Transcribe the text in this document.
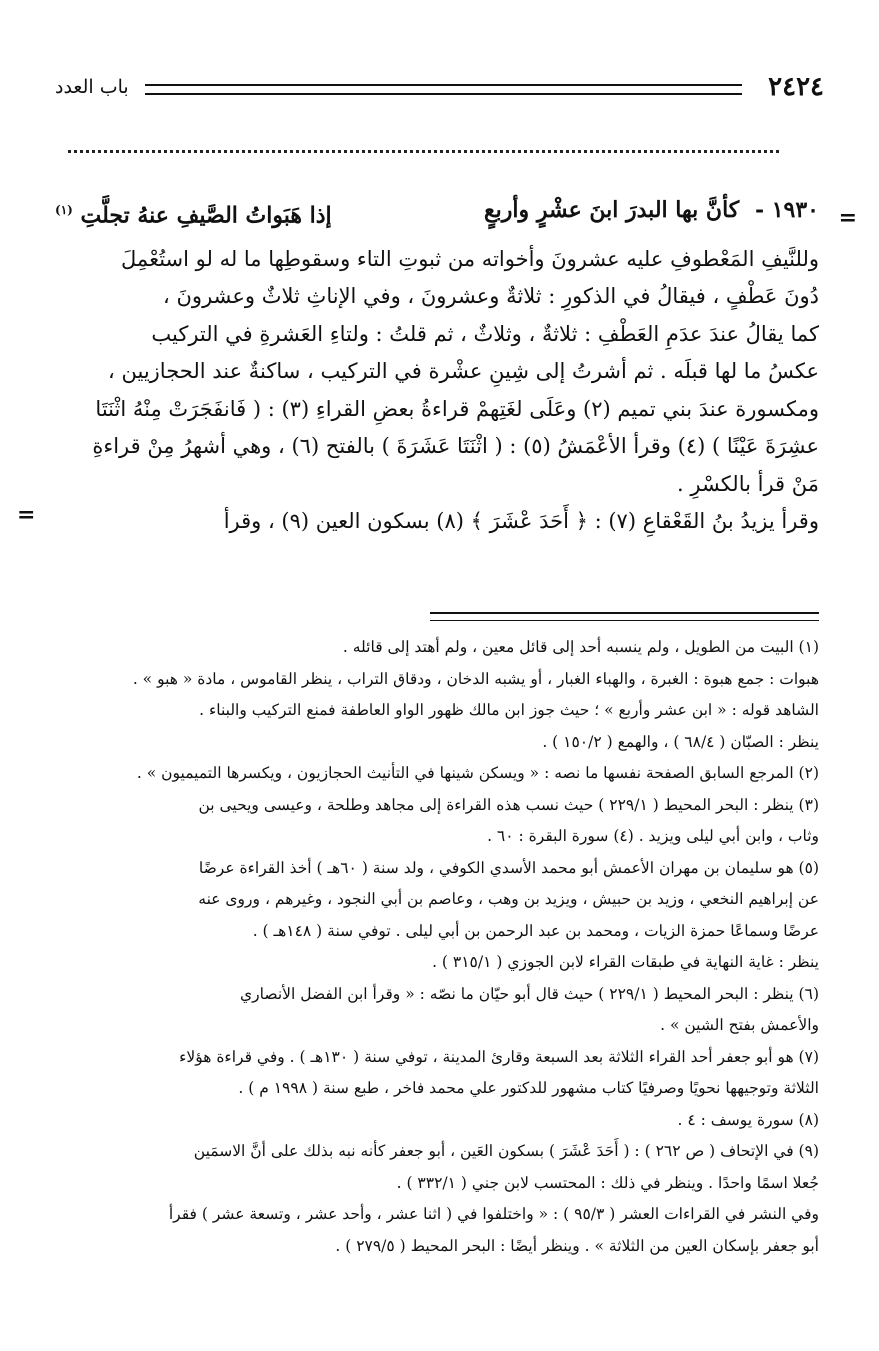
٢٤٢٤
باب العدد
=
١٩٣٠ - كأنَّ بها البدرَ ابنَ عشْرٍ وأربعٍ
إذا هَبَواتُ الصَّيفِ عنهُ تجلَّتِ $^{(١)}$

وللنَّيفِ المَعْطوفِ عليه عشرونَ وأخواته من ثبوتِ التاء وسقوطِها ما له لو استُعْمِلَ

دُونَ عَطْفٍ ، فيقالُ في الذكورِ : ثلاثةٌ وعشرونَ ، وفي الإناثِ ثلاثٌ وعشرونَ ،

كما يقالُ عندَ عدَمِ العَطْفِ : ثلاثةٌ ، وثلاثٌ ، ثم قلتُ : ولتاءِ العَشرةِ في التركيب

عكسُ ما لها قبلَه . ثم أشرتُ إلى شِينِ عشْرة في التركيب ، ساكنةٌ عند الحجازيين ،

ومكسورة عندَ بني تميم (٢) وعَلَى لغَتِهمْ قراءةُ بعضِ القراءِ (٣) : ( فَانفَجَرَتْ مِنْهُ اثْنَتَا

عشِرَةَ عَيْنًا ) (٤) وقرأ الأعْمَشُ (٥) : ( اثْنَتَا عَشَرَةَ ) بالفتح (٦) ، وهي أشهرُ مِنْ قراءةِ

مَنْ قرأ بالكسْرِ .

وقرأ يزيدُ بنُ القَعْقاعِ (٧) : ﴿ أَحَدَ عْشَرَ ﴾ (٨) بسكون العين (٩) ، وقرأ
=

(١) البيت من الطويل ، ولم ينسبه أحد إلى قائل معين ، ولم أهتد إلى قائله .

هبوات : جمع هبوة : الغبرة ، والهباء الغبار ، أو يشبه الدخان ، ودقاق التراب ، ينظر القاموس ، مادة « هبو » .

الشاهد قوله : « ابن عشر وأربع » ؛ حيث جوز ابن مالك ظهور الواو العاطفة فمنع التركيب والبناء .

ينظر : الصبّان ( ٦٨/٤ ) ، والهمع ( ١٥٠/٢ ) .

(٢) المرجع السابق الصفحة نفسها ما نصه : « ويسكن شينها في التأنيث الحجازيون ، ويكسرها التميميون » .

(٣) ينظر : البحر المحيط ( ٢٢٩/١ ) حيث نسب هذه القراءة إلى مجاهد وطلحة ، وعيسى ويحيى بن

وثاب ، وابن أبي ليلى ويزيد . (٤) سورة البقرة : ٦٠ .

(٥) هو سليمان بن مهران الأعمش أبو محمد الأسدي الكوفي ، ولد سنة ( ٦٠هـ ) أخذ القراءة عرضًا

عن إبراهيم النخعي ، وزيد بن حبيش ، ويزيد بن وهب ، وعاصم بن أبي النجود ، وغيرهم ، وروى عنه

عرضًا وسماعًا حمزة الزيات ، ومحمد بن عبد الرحمن بن أبي ليلى . توفي سنة ( ١٤٨هـ ) .

ينظر : غاية النهاية في طبقات القراء لابن الجوزي ( ٣١٥/١ ) .

(٦) ينظر : البحر المحيط ( ٢٢٩/١ ) حيث قال أبو حيّان ما نصّه : « وقرأ ابن الفضل الأنصاري

والأعمش بفتح الشين » .

(٧) هو أبو جعفر أحد القراء الثلاثة بعد السبعة وقارئ المدينة ، توفي سنة ( ١٣٠هـ ) . وفي قراءة هؤلاء

الثلاثة وتوجيهها نحويًا وصرفيًا كتاب مشهور للدكتور علي محمد فاخر ، طبع سنة ( ١٩٩٨ م ) .

(٨) سورة يوسف : ٤ .

(٩) في الإتحاف ( ص ٢٦٢ ) : ( أَحَدَ عْشَرَ ) بسكون العَين ، أبو جعفر كأنه نبه بذلك على أنَّ الاسمَين

جُعلا اسمًا واحدًا . وينظر في ذلك : المحتسب لابن جني ( ٣٣٢/١ ) .

وفي النشر في القراءات العشر ( ٩٥/٣ ) : « واختلفوا في ( اثنا عشر ، وأحد عشر ، وتسعة عشر ) فقرأ

أبو جعفر بإسكان العين من الثلاثة » . وينظر أيضًا : البحر المحيط ( ٢٧٩/٥ ) .
